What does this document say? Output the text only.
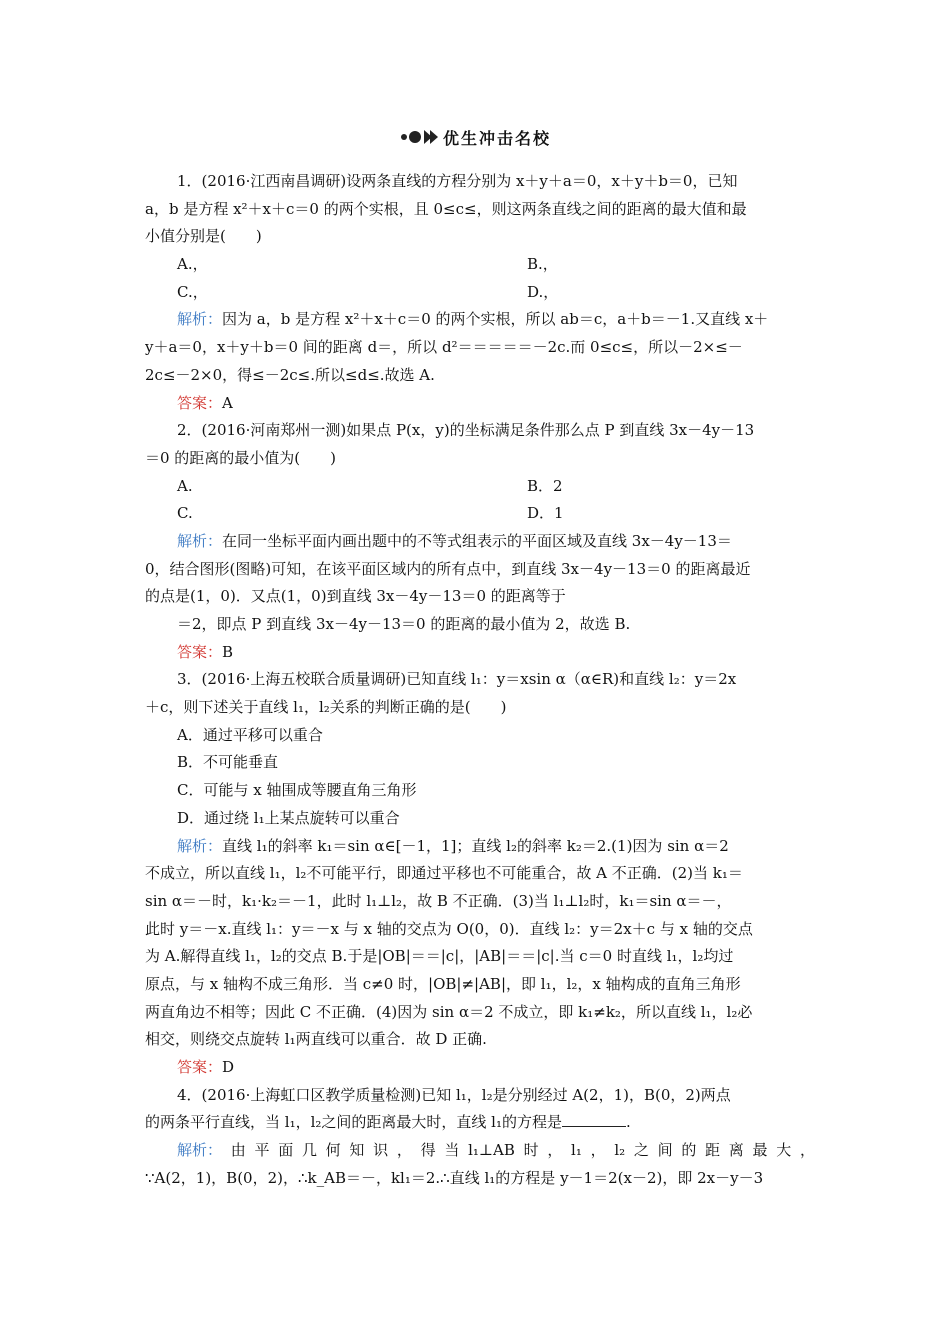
优生冲击名校
1．(2016·江西南昌调研)设两条直线的方程分别为 x＋y＋a＝0，x＋y＋b＝0，已知
a，b 是方程 x²＋x＋c＝0 的两个实根，且 0≤c≤，则这两条直线之间的距离的最大值和最
小值分别是(　　)
A.，	B.，
C.，	D.，
解析：因为 a，b 是方程 x²＋x＋c＝0 的两个实根，所以 ab＝c，a＋b＝－1.又直线 x＋
y＋a＝0，x＋y＋b＝0 间的距离 d＝，所以 d²＝＝＝＝＝－2c.而 0≤c≤，所以－2×≤－
2c≤－2×0，得≤－2c≤.所以≤d≤.故选 A.
答案：A
2．(2016·河南郑州一测)如果点 P(x，y)的坐标满足条件那么点 P 到直线 3x－4y－13
＝0 的距离的最小值为(　　)
A.	B．2
C.	D．1
解析：在同一坐标平面内画出题中的不等式组表示的平面区域及直线 3x－4y－13＝
0，结合图形(图略)可知，在该平面区域内的所有点中，到直线 3x－4y－13＝0 的距离最近
的点是(1，0)．又点(1，0)到直线 3x－4y－13＝0 的距离等于
＝2，即点 P 到直线 3x－4y－13＝0 的距离的最小值为 2，故选 B.
答案：B
3．(2016·上海五校联合质量调研)已知直线 l₁：y＝xsin α（α∈R)和直线 l₂：y＝2x
＋c，则下述关于直线 l₁，l₂关系的判断正确的是(　　)
A．通过平移可以重合
B．不可能垂直
C．可能与 x 轴围成等腰直角三角形
D．通过绕 l₁上某点旋转可以重合
解析：直线 l₁的斜率 k₁＝sin α∈[－1，1]；直线 l₂的斜率 k₂＝2.(1)因为 sin α＝2
不成立，所以直线 l₁，l₂不可能平行，即通过平移也不可能重合，故 A 不正确．(2)当 k₁＝
sin α＝－时，k₁·k₂＝－1，此时 l₁⊥l₂，故 B 不正确．(3)当 l₁⊥l₂时，k₁＝sin α＝－，
此时 y＝－x.直线 l₁：y＝－x 与 x 轴的交点为 O(0，0)．直线 l₂：y＝2x＋c 与 x 轴的交点
为 A.解得直线 l₁，l₂的交点 B.于是|OB|＝＝|c|，|AB|＝＝|c|.当 c＝0 时直线 l₁，l₂均过
原点，与 x 轴构不成三角形．当 c≠0 时，|OB|≠|AB|，即 l₁，l₂，x 轴构成的直角三角形
两直角边不相等；因此 C 不正确．(4)因为 sin α＝2 不成立，即 k₁≠k₂，所以直线 l₁，l₂必
相交，则绕交点旋转 l₁两直线可以重合．故 D 正确.
答案：D
4．(2016·上海虹口区教学质量检测)已知 l₁，l₂是分别经过 A(2，1)，B(0，2)两点
的两条平行直线，当 l₁，l₂之间的距离最大时，直线 l₁的方程是	.
解析： 由 平 面 几 何 知 识 ， 得 当 l₁⊥AB 时 ， l₁ ， l₂ 之 间 的 距 离 最 大 ，
∵A(2，1)，B(0，2)，∴k_AB＝－，kl₁＝2.∴直线 l₁的方程是 y－1＝2(x－2)，即 2x－y－3
